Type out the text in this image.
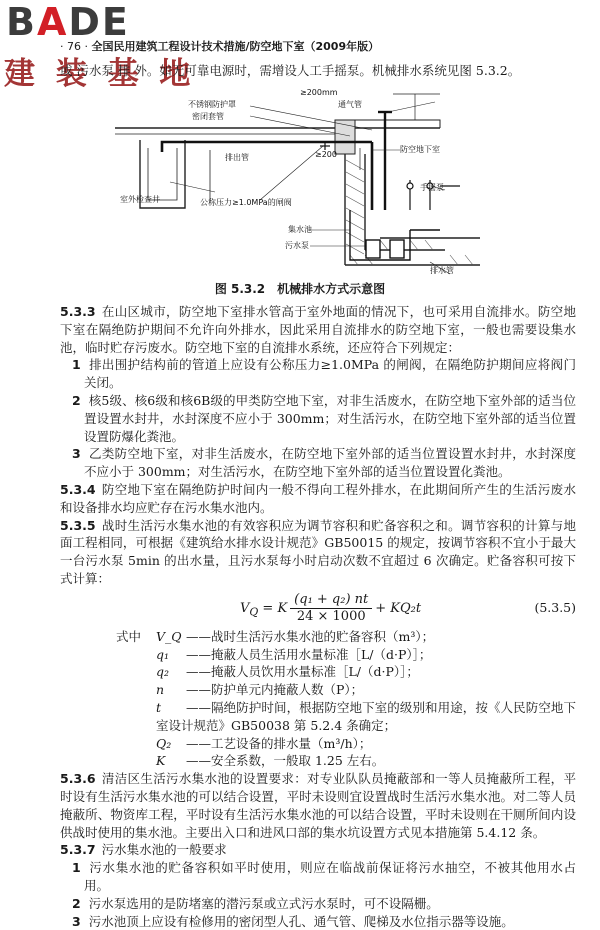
BADE
建 装 基 地
· 76 · 全国民用建筑工程设计技术措施/防空地下室（2009年版）
或 污水泵 排 外。如无可靠电源时，需增设人工手摇泵。机械排水系统见图 5.3.2。
≥200mm
不锈钢防护罩	通气管
密闭套管
排出管	≥200
防空地下室
室外检查井
手摇泵
公称压力≥1.0MPa的闸阀
集水池
污水泵
排水管
图 5.3.2　机械排水方式示意图

5.3.3 在山区城市，防空地下室排水管高于室外地面的情况下，也可采用自流排水。防空地下室在隔绝防护期间不允许向外排水，因此采用自流排水的防空地下室，一般也需要设集水池，临时贮存污废水。防空地下室的自流排水系统，还应符合下列规定：

1 排出围护结构前的管道上应设有公称压力≥1.0MPa 的闸阀，在隔绝防护期间应将阀门关闭。

2 核5级、核6级和核6B级的甲类防空地下室，对非生活废水，在防空地下室外部的适当位置设置水封井，水封深度不应小于 300mm；对生活污水，在防空地下室外部的适当位置设置防爆化粪池。

3 乙类防空地下室，对非生活废水，在防空地下室外部的适当位置设置水封井，水封深度不应小于 300mm；对生活污水，在防空地下室外部的适当位置设置化粪池。

5.3.4 防空地下室在隔绝防护时间内一般不得向工程外排水，在此期间所产生的生活污废水和设备排水均应贮存在污水集水池内。

5.3.5 战时生活污水集水池的有效容积应为调节容积和贮备容积之和。调节容积的计算与地面工程相同，可根据《建筑给水排水设计规范》GB50015 的规定，按调节容积不宜小于最大一台污水泵 5min 的出水量，且污水泵每小时启动次数不宜超过 6 次确定。贮备容积可按下式计算：

$V_Q = K \frac{\text{(q₁ + q₂) nt}}{24 \times 1000} + KQ_2t$	(5.3.5)

式中 V_Q ——战时生活污水集水池的贮备容积（m³）；

q₁ ——掩蔽人员生活用水量标准［L/（d·P）］；

q₂ ——掩蔽人员饮用水量标准［L/（d·P）］；

n ——防护单元内掩蔽人数（P）；

t ——隔绝防护时间，根据防空地下室的级别和用途，按《人民防空地下室设计规范》GB50038 第 5.2.4 条确定；

Q₂ ——工艺设备的排水量（m³/h）；

K ——安全系数，一般取 1.25 左右。

5.3.6 清洁区生活污水集水池的设置要求：对专业队队员掩蔽部和一等人员掩蔽所工程，平时设有生活污水集水池的可以结合设置，平时未设则宜设置战时生活污水集水池。对二等人员掩蔽所、物资库工程，平时设有生活污水集水池的可以结合设置，平时未设则在干厕所间内设供战时使用的集水池。主要出入口和进风口部的集水坑设置方式见本措施第 5.4.12 条。

5.3.7 污水集水池的一般要求

1 污水集水池的贮备容积如平时使用，则应在临战前保证将污水抽空，不被其他用水占用。

2 污水泵选用的是防堵塞的潜污泵或立式污水泵时，可不设隔栅。

3 污水池顶上应设有检修用的密闭型人孔、通气管、爬梯及水位指示器等设施。
